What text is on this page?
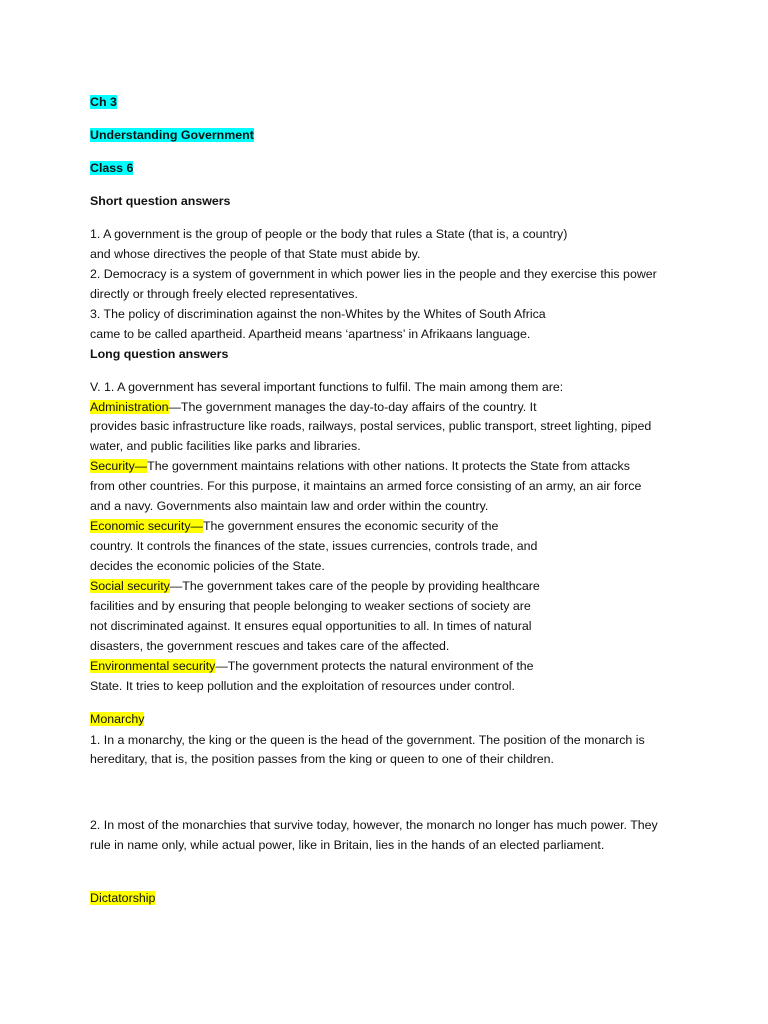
Ch 3
Understanding Government
Class 6
Short question answers
1. A government is the group of people or the body that rules a State (that is, a country)
and whose directives the people of that State must abide by.
2. Democracy is a system of government in which power lies in the people and they exercise this power
directly or through freely elected representatives.
3. The policy of discrimination against the non-Whites by the Whites of South Africa
came to be called apartheid. Apartheid means ‘apartness’ in Afrikaans language.
Long question answers
V. 1. A government has several important functions to fulfil. The main among them are:
Administration—The government manages the day-to-day affairs of the country. It
provides basic infrastructure like roads, railways, postal services, public transport, street lighting, piped
water, and public facilities like parks and libraries.
Security—The government maintains relations with other nations. It protects the State from attacks
from other countries. For this purpose, it maintains an armed force consisting of an army, an air force
and a navy. Governments also maintain law and order within the country.
Economic security—The government ensures the economic security of the
country. It controls the finances of the state, issues currencies, controls trade, and
decides the economic policies of the State.
Social security—The government takes care of the people by providing healthcare
facilities and by ensuring that people belonging to weaker sections of society are
not discriminated against. It ensures equal opportunities to all. In times of natural
disasters, the government rescues and takes care of the affected.
Environmental security—The government protects the natural environment of the
State. It tries to keep pollution and the exploitation of resources under control.
Monarchy
1. In a monarchy, the king or the queen is the head of the government. The position of the monarch is
hereditary, that is, the position passes from the king or queen to one of their children.
2. In most of the monarchies that survive today, however, the monarch no longer has much power. They
rule in name only, while actual power, like in Britain, lies in the hands of an elected parliament.
Dictatorship
